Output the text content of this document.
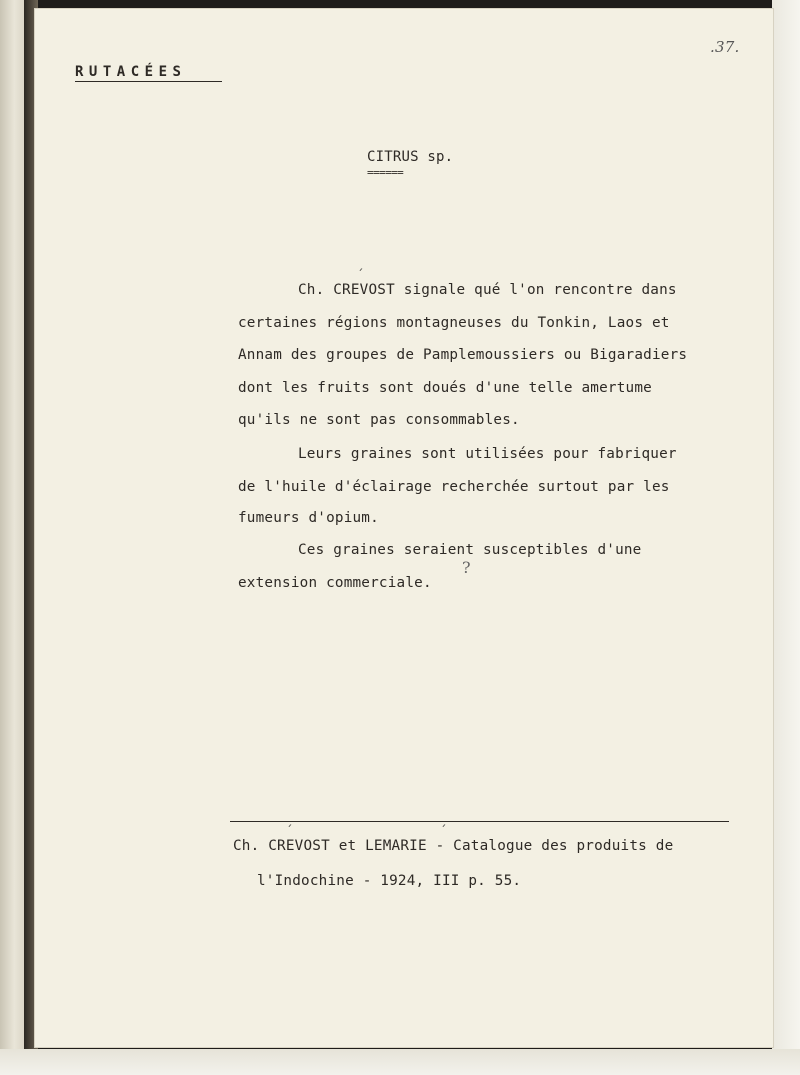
.37.
RUTACÉES
CITRUS sp.
======
´
Ch. CREVOST signale qué l'on rencontre dans
certaines régions montagneuses du Tonkin, Laos et
Annam des groupes de Pamplemoussiers ou Bigaradiers
dont les fruits sont doués d'une telle amertume
qu'ils ne sont pas consommables.
Leurs graines sont utilisées pour fabriquer
de l'huile d'éclairage recherchée surtout par les
fumeurs d'opium.
Ces graines seraient susceptibles d'une
extension commerciale.
?
´	´
Ch. CREVOST et LEMARIE - Catalogue des produits de
l'Indochine - 1924, III p. 55.
